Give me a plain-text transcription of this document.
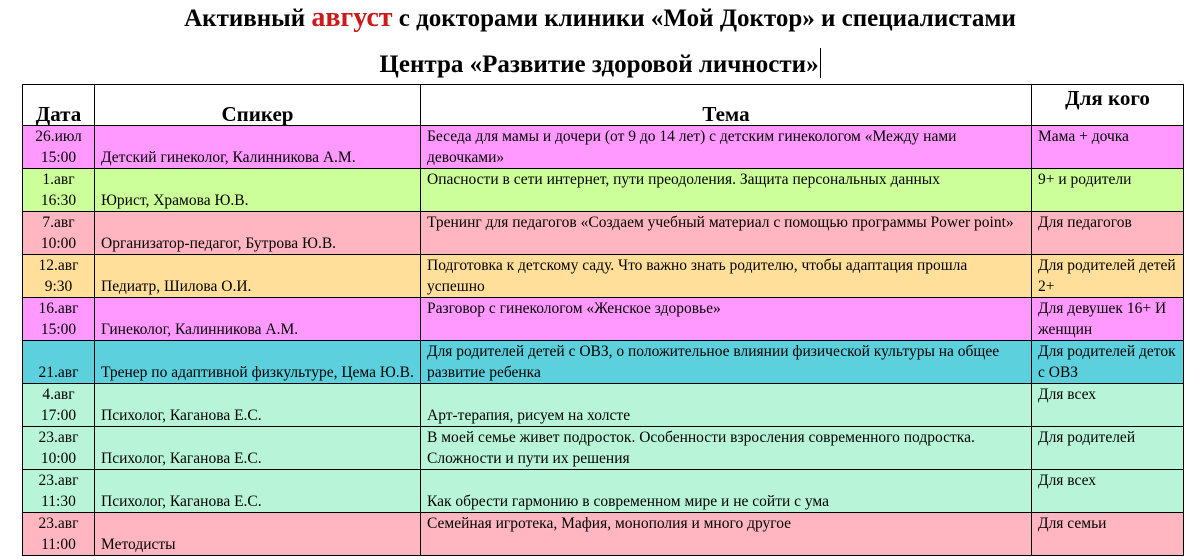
Активный август с докторами клиники «Мой Доктор» и специалистами
Центра «Развитие здоровой личности»
Дата	Спикер	Тема	Для кого

26.июл
15:00	Детский гинеколог, Калинникова А.М.	Беседа для мамы и дочери (от 9 до 14 лет) с детским гинекологом «Между нами девочками»	Мама + дочка

1.авг
16:30	Юрист, Храмова Ю.В.	Опасности в сети интернет, пути преодоления. Защита персональных данных	9+ и родители

7.авг
10:00	Организатор-педагог, Бутрова Ю.В.	Тренинг для педагогов «Создаем учебный материал с помощью программы Power point»	Для педагогов

12.авг
9:30	Педиатр, Шилова О.И.	Подготовка к детскому саду. Что важно знать родителю, чтобы адаптация прошла успешно	Для родителей детей 2+

16.авг
15:00	Гинеколог, Калинникова А.М.	Разговор с гинекологом «Женское здоровье»	Для девушек 16+ И женщин

21.авг	Тренер по адаптивной физкультуре, Цема Ю.В.	Для родителей детей с ОВЗ, о положительное влиянии физической культуры на общее развитие ребенка	Для родителей деток с ОВЗ

4.авг
17:00	Психолог, Каганова Е.С.	Арт-терапия, рисуем на холсте	Для всех

23.авг
10:00	Психолог, Каганова Е.С.	В моей семье живет подросток. Особенности взросления современного подростка. Сложности и пути их решения	Для родителей

23.авг
11:30	Психолог, Каганова Е.С.	Как обрести гармонию в современном мире и не сойти с ума	Для всех

23.авг
11:00	Методисты	Семейная игротека, Мафия, монополия и много другое	Для семьи
